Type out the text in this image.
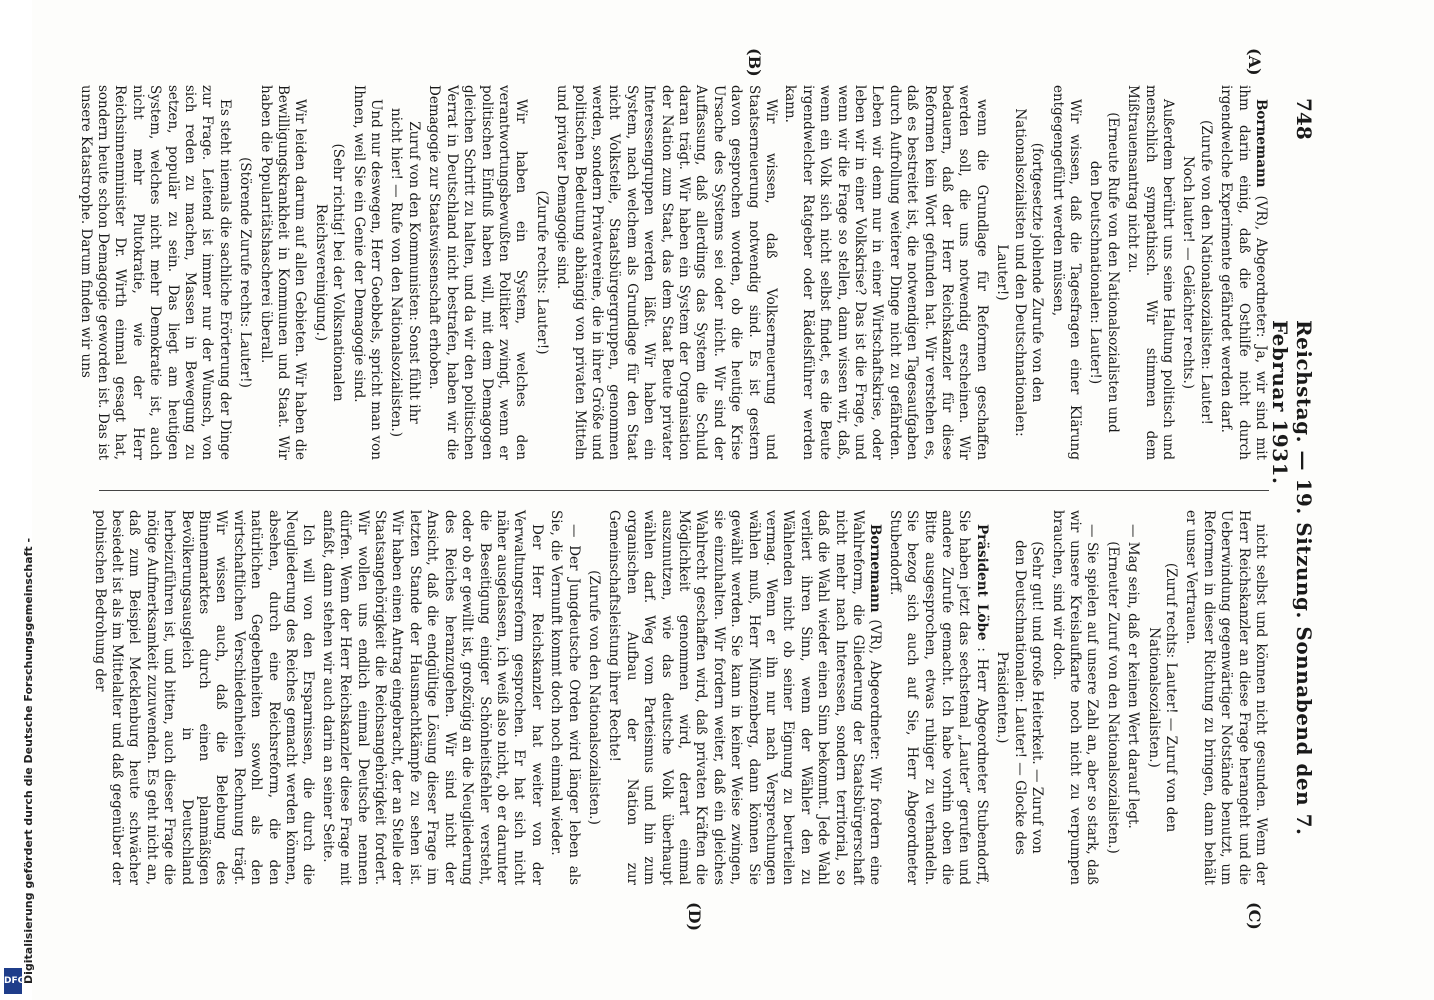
748
Reichstag. — 19. Sitzung. Sonnabend den 7. Februar 1931.
(A)
(B)
(C)
(D)

Bornemann (VR), Abgeordneter: Ja, wir sind mit ihm darin einig, daß die Osthilfe nicht durch irgendwelche Experimente gefährdet werden darf.

(Zurufe von den Nationalsozialisten: Lauter! Noch lauter! — Gelächter rechts.)

Außerdem berührt uns seine Haltung politisch und menschlich sympathisch. Wir stimmen dem Mißtrauensantrag nicht zu.

(Erneute Rufe von den Nationalsozialisten und den Deutschnationalen: Lauter!)

Wir wissen, daß die Tagesfragen einer Klärung entgegengeführt werden müssen,

(fortgesetzte johlende Zurufe von den Nationalsozialisten und den Deutschnationalen: Lauter!)

wenn die Grundlage für Reformen geschaffen werden soll, die uns notwendig erscheinen. Wir bedauern, daß der Herr Reichskanzler für diese Reformen kein Wort gefunden hat. Wir verstehen es, daß es bestreitet ist, die notwendigen Tagesaufgaben durch Aufrollung weiterer Dinge nicht zu gefährden. Leben wir denn nur in einer Wirtschaftskrise, oder leben wir in einer Volkskrise? Das ist die Frage, und wenn wir die Frage so stellen, dann wissen wir, daß, wenn ein Volk sich nicht selbst findet, es die Beute irgendwelcher Ratgeber oder Rädelsführer werden kann.

Wir wissen, daß Volkserneuerung und Staatserneuerung notwendig sind. Es ist gestern davon gesprochen worden, ob die heutige Krise Ursache des Systems sei oder nicht. Wir sind der Auffassung, daß allerdings das System die Schuld daran trägt. Wir haben ein System der Organisation der Nation zum Staat, das dem Staat Beute privater Interessengruppen werden läßt. Wir haben ein System, nach welchem als Grundlage für den Staat nicht Volksteile, Staatsbürgergruppen, genommen werden, sondern Privatvereine, die in ihrer Größe und politischen Bedeutung abhängig von privaten Mitteln und privater Demagogie sind.

(Zurufe rechts: Lauter!)

Wir haben ein System, welches den verantwortungsbewußten Politiker zwingt, wenn er politischen Einfluß haben will, mit dem Demagogen gleichen Schritt zu halten, und da wir den politischen Verrat in Deutschland nicht bestrafen, haben wir die Demagogie zur Staatswissenschaft erhoben.

Zuruf von den Kommunisten: Sonst fühlt ihr nicht hier! — Rufe von den Nationalsozialisten.)

Und nur deswegen, Herr Goebbels, spricht man von Ihnen, weil Sie ein Genie der Demagogie sind.

(Sehr richtig! bei der Volksnationalen Reichsvereinigung.)

Wir leiden darum auf allen Gebieten. Wir haben die Bewilligungskrankheit in Kommunen und Staat. Wir haben die Popularitätshascherei überall.

(Störende Zurufe rechts: Lauter!)

Es steht niemals die sachliche Erörterung der Dinge zur Frage. Leitend ist immer nur der Wunsch, von sich reden zu machen, Massen in Bewegung zu setzen, populär zu sein. Das liegt am heutigen System, welches nicht mehr Demokratie ist, auch nicht mehr Plutokratie, wie der Herr Reichsinnenminister Dr. Wirth einmal gesagt hat, sondern heute schon Demagogie geworden ist. Das ist unsere Katastrophe. Darum finden wir uns

nicht selbst und können nicht gesunden. Wenn der Herr Reichskanzler an diese Frage herangeht und die Ueberwindung gegenwärtiger Notstände benutzt, um Reformen in dieser Richtung zu bringen, dann behält er unser Vertrauen.

(Zuruf rechts: Lauter! — Zuruf von den Nationalsozialisten.)

— Mag sein, daß er keinen Wert darauf legt.

(Erneuter Zuruf von den Nationalsozialisten.)

— Sie spielen auf unsere Zahl an, aber so stark, daß wir unsere Kreislaufkarte noch nicht zu verpumpen brauchen, sind wir doch.

(Sehr gut! und große Heiterkeit. — Zuruf von den Deutschnationalen: Lauter! — Glocke des Präsidenten.)

Präsident Löbe : Herr Abgeordneter Stubendorff, Sie haben jetzt das sechstemal „Lauter“ gerufen und andere Zurufe gemacht. Ich habe vorhin oben die Bitte ausgesprochen, etwas ruhiger zu verhandeln. Sie bezog sich auch auf Sie, Herr Abgeordneter Stubendorff.

Bornemann (VR), Abgeordneter: Wir fordern eine Wahlreform, die Gliederung der Staatsbürgerschaft nicht mehr nach Interessen, sondern territorial, so daß die Wahl wieder einen Sinn bekommt. Jede Wahl verliert ihren Sinn, wenn der Wähler den zu Wählenden nicht ob seiner Eignung zu beurteilen vermag. Wenn er ihn nur nach Versprechungen wählen muß, Herr Münzenberg, dann können Sie gewählt werden. Sie kann in keiner Weise zwingen, sie einzuhalten. Wir fordern weiter, daß ein gleiches Wahlrecht geschaffen wird, daß privaten Kräften die Möglichkeit genommen wird, derart einmal auszunutzen, wie das deutsche Volk überhaupt wählen darf. Weg vom Parteismus und hin zum organischen Aufbau der Nation zur Gemeinschaftsleistung ihrer Rechte!

(Zurufe von den Nationalsozialisten.)

— Der Jungdeutsche Orden wird länger leben als Sie, die Vernunft kommt doch noch einmal wieder.

Der Herr Reichskanzler hat weiter von der Verwaltungsreform gesprochen. Er hat sich nicht näher ausgelassen, ich weiß also nicht, ob er darunter die Beseitigung einiger Schönheitsfehler versteht, oder ob er gewillt ist, großzügig an die Neugliederung des Reiches heranzugehen. Wir sind nicht der Ansicht, daß die endgültige Lösung dieser Frage im letzten Stande der Hausmachtkämpfe zu sehen ist. Wir haben einen Antrag eingebracht, der an Stelle der Staatsangehörigkeit die Reichsangehörigkeit fordert. Wir wollen uns endlich einmal Deutsche nennen dürfen. Wenn der Herr Reichskanzler diese Frage mit anfaßt, dann stehen wir auch darin an seiner Seite.

Ich will von den Ersparnissen, die durch die Neugliederung des Reiches gemacht werden können, absehen, durch eine Reichsreform, die den natürlichen Gegebenheiten sowohl als den wirtschaftlichen Verschiedenheiten Rechnung trägt. Wir wissen auch, daß die Belebung des Binnenmarktes durch einen planmäßigen Bevölkerungsausgleich in Deutschland herbeizuführen ist, und bitten, auch dieser Frage die nötige Aufmerksamkeit zuzuwenden. Es geht nicht an, daß zum Beispiel Mecklenburg heute schwächer besiedelt ist als im Mittelalter und daß gegenüber der polnischen Bedrohung der

Digitalisierung gefördert durch die Deutsche Forschungsgemeinschaft -
DFG
